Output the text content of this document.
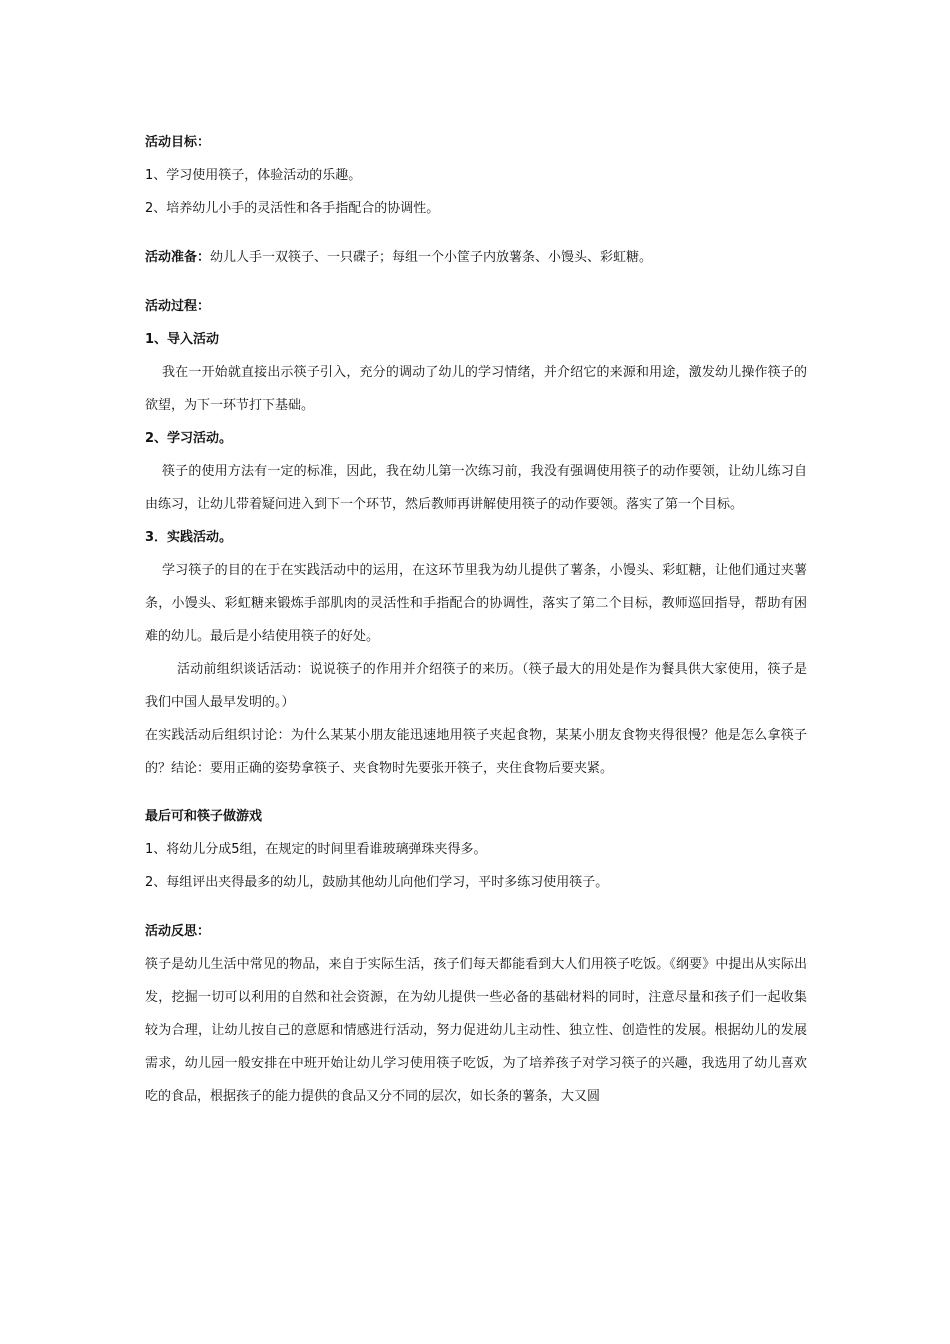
活动目标：
1、学习使用筷子，体验活动的乐趣。
2、培养幼儿小手的灵活性和各手指配合的协调性。
活动准备：幼儿人手一双筷子、一只碟子；每组一个小筐子内放薯条、小馒头、彩虹糖。
活动过程：
1、导入活动

我在一开始就直接出示筷子引入，充分的调动了幼儿的学习情绪，并介绍它的来源和用途，激发幼儿操作筷子的欲望，为下一环节打下基础。

2、学习活动。

筷子的使用方法有一定的标准，因此，我在幼儿第一次练习前，我没有强调使用筷子的动作要领，让幼儿练习自由练习，让幼儿带着疑问进入到下一个环节，然后教师再讲解使用筷子的动作要领。落实了第一个目标。

3．实践活动。

学习筷子的目的在于在实践活动中的运用，在这环节里我为幼儿提供了薯条，小馒头、彩虹糖，让他们通过夹薯条，小馒头、彩虹糖来锻炼手部肌肉的灵活性和手指配合的协调性，落实了第二个目标，教师巡回指导，帮助有困难的幼儿。最后是小结使用筷子的好处。

活动前组织谈话活动：说说筷子的作用并介绍筷子的来历。（筷子最大的用处是作为餐具供大家使用，筷子是我们中国人最早发明的。）

在实践活动后组织讨论：为什么某某小朋友能迅速地用筷子夹起食物，某某小朋友食物夹得很慢？他是怎么拿筷子的？结论：要用正确的姿势拿筷子、夹食物时先要张开筷子，夹住食物后要夹紧。

最后可和筷子做游戏
1、将幼儿分成5组，在规定的时间里看谁玻璃弹珠夹得多。
2、每组评出夹得最多的幼儿，鼓励其他幼儿向他们学习，平时多练习使用筷子。
活动反思：

筷子是幼儿生活中常见的物品，来自于实际生活，孩子们每天都能看到大人们用筷子吃饭。《纲要》中提出从实际出发，挖掘一切可以利用的自然和社会资源，在为幼儿提供一些必备的基础材料的同时，注意尽量和孩子们一起收集较为合理，让幼儿按自己的意愿和情感进行活动，努力促进幼儿主动性、独立性、创造性的发展。根据幼儿的发展需求，幼儿园一般安排在中班开始让幼儿学习使用筷子吃饭，为了培养孩子对学习筷子的兴趣，我选用了幼儿喜欢吃的食品，根据孩子的能力提供的食品又分不同的层次，如长条的薯条，大又圆
